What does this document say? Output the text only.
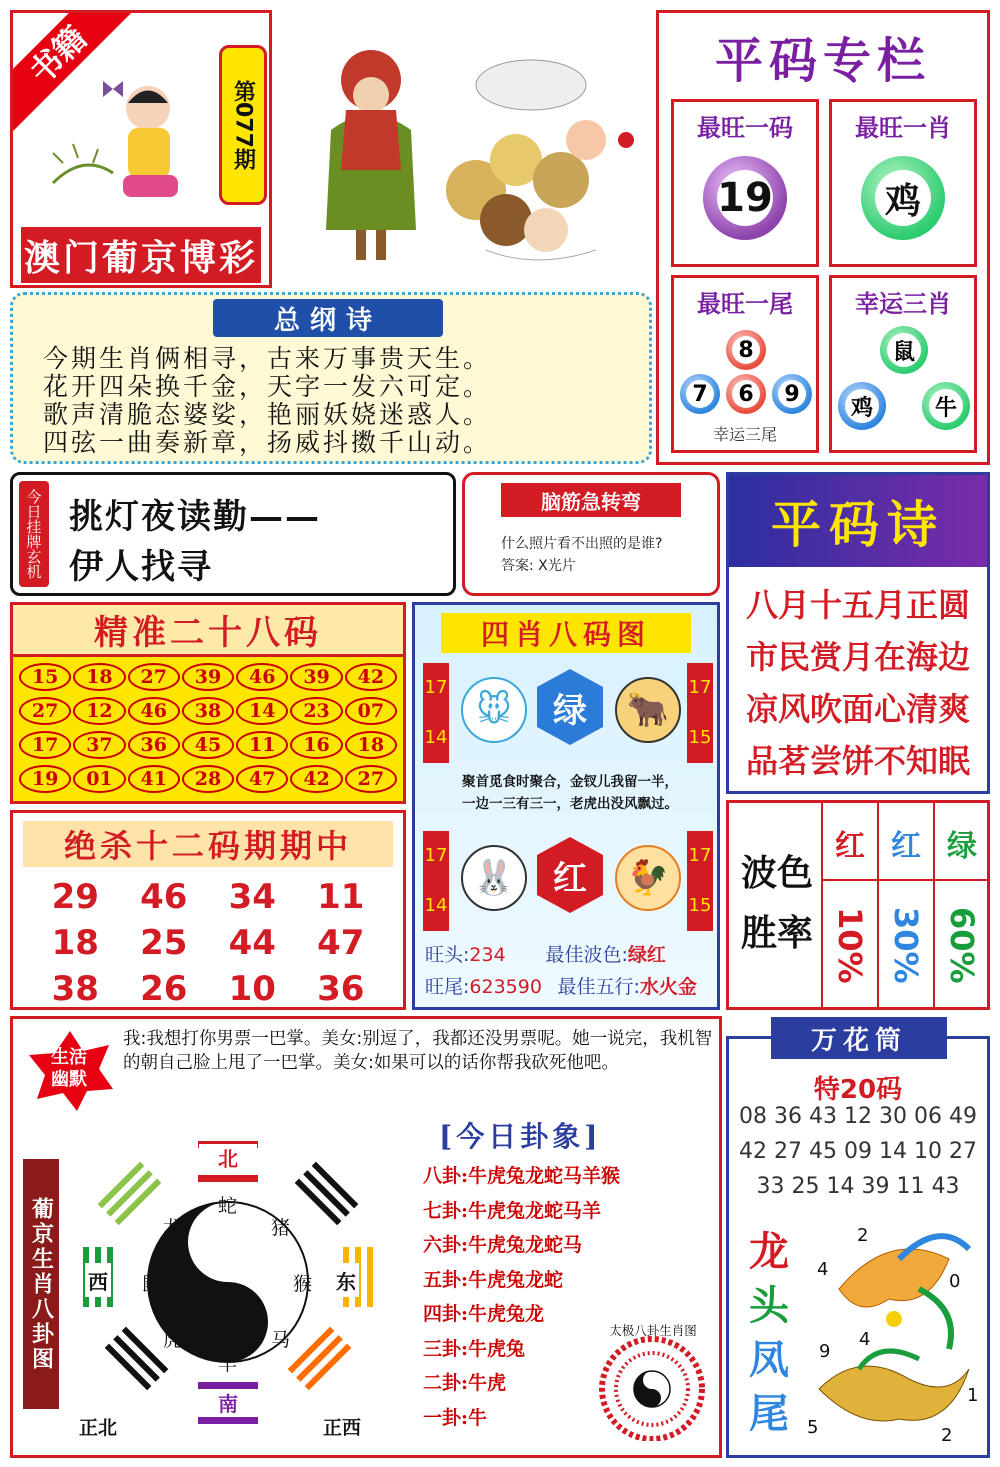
书籍
第077期
澳门葡京博彩
平码专栏
最旺一码
19
最旺一肖
鸡
最旺一尾
8
7 6 9
幸运三尾
幸运三肖
鼠
鸡	牛
总纲诗
今期生肖俩相寻，古来万事贵天生。
花开四朵换千金，天字一发六可定。
歌声清脆态婆娑，艳丽妖娆迷惑人。
四弦一曲奏新章，扬威抖擞千山动。
今日挂牌玄机 挑灯夜读勤——
伊人找寻
脑筋急转弯
什么照片看不出照的是谁?
答案: X光片
平码诗
八月十五月正圆
市民赏月在海边
凉风吹面心清爽
品茗尝饼不知眠
精准二十八码
15	18	27	39	46	39	42
27	12	46	38	14	23	07
17	37	36	45	11	16	18
19	01	41	28	47	42	27
四肖八码图
17
14
17
15
🐭	🐂
绿
聚首觅食时聚合，金钗儿我留一半，
一边一三有三一，老虎出没风飘过。
17
14
17
15
🐰	🐓
红
旺头:234 最佳波色:绿红
旺尾:623590 最佳五行:水火金
波色
胜率
红 红 绿
10% 30% 60%
绝杀十二码期期中
29	46	34	11
18	25	44	47
38	26	10	36
生活幽默
我:我想打你男票一巴掌。美女:别逗了，我都还没男票呢。她一说完，我机智的朝自己脸上甩了一巴掌。美女:如果可以的话你帮我砍死他吧。
葡京生肖八卦图
北
南
西	东
蛇
猪
猴
马
羊
虎
鼠
龙
正北	正西
[今日卦象]
八卦:牛虎兔龙蛇马羊猴
七卦:牛虎兔龙蛇马羊
六卦:牛虎兔龙蛇马
五卦:牛虎兔龙蛇
四卦:牛虎兔龙
三卦:牛虎兔
二卦:牛虎
一卦:牛
太极八卦生肖图
万花筒
特20码
08 36 43 12 30 06 49
42 27 45 09 14 10 27
33 25 14 39 11 43
龙
头
凤
尾
2
4
0
4
9
1
5	2
